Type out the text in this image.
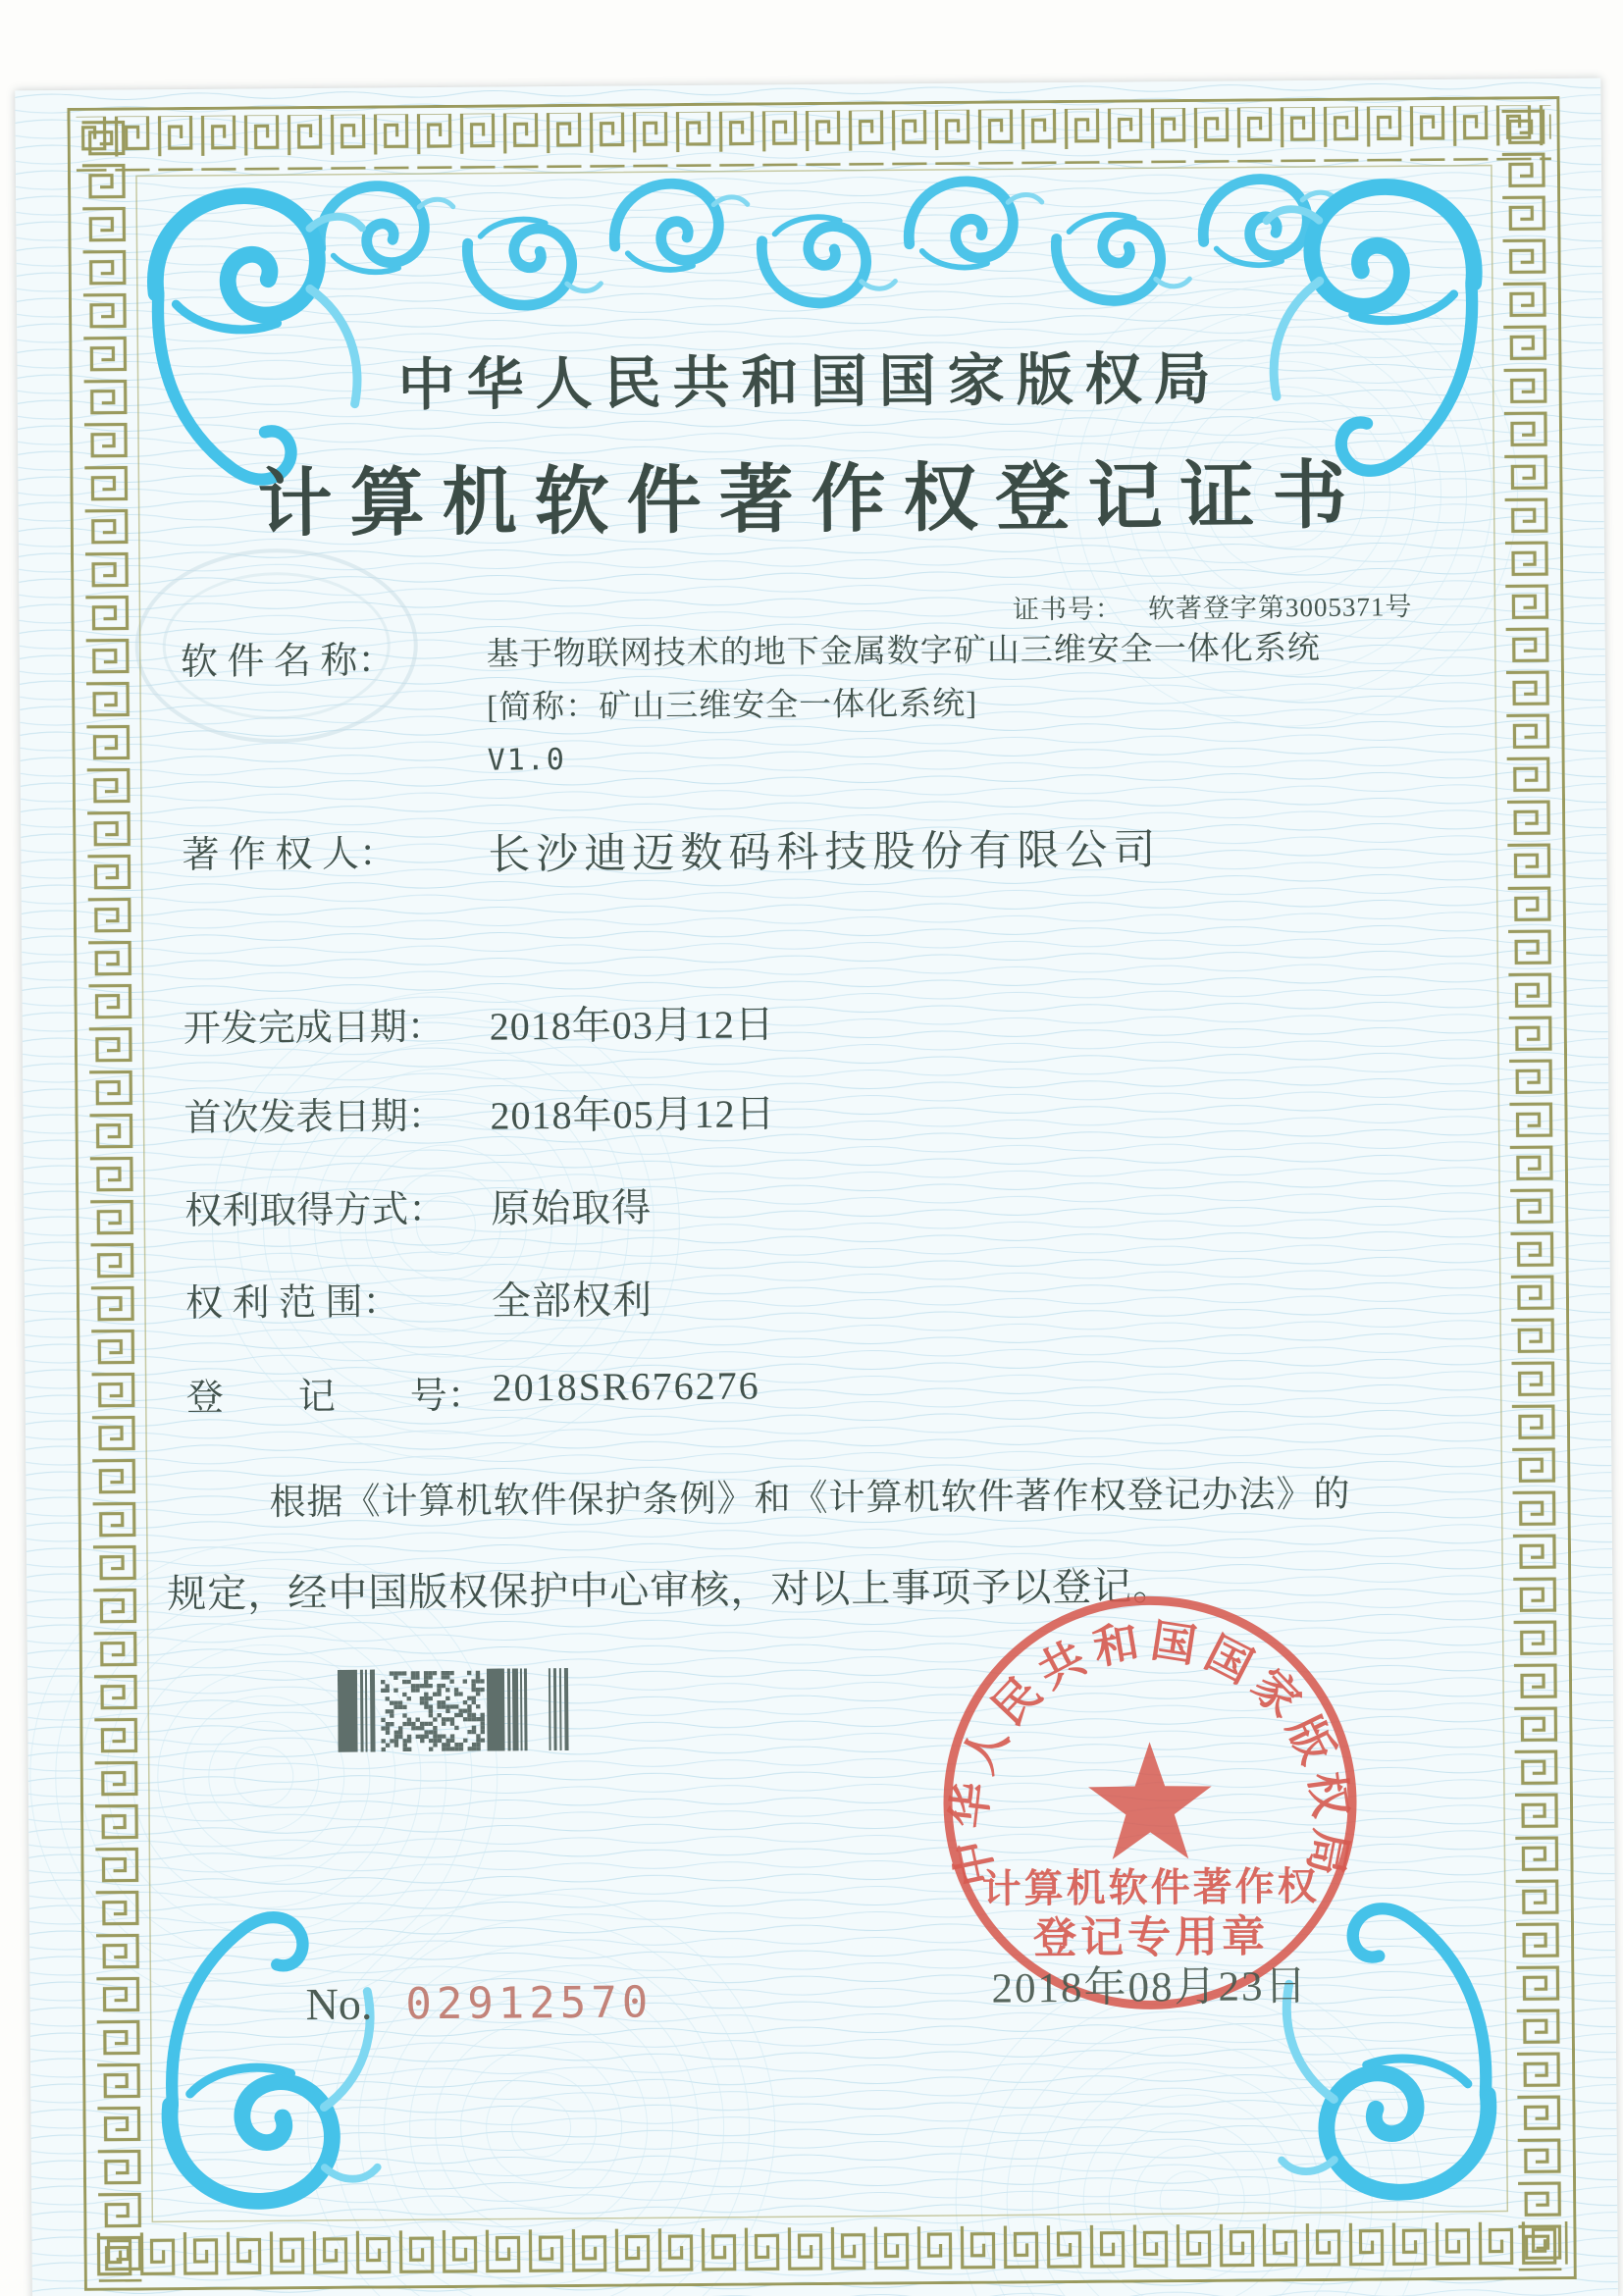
中华人民共和国国家版权局
计算机软件著作权登记证书

证书号： 软著登字第3005371号

软 件 名 称：	基于物联网技术的地下金属数字矿山三维安全一体化系统
[简称：矿山三维安全一体化系统]
V1.0
著 作 权 人：	长沙迪迈数码科技股份有限公司
开发完成日期：	2018年03月12日
首次发表日期：	2018年05月12日
权利取得方式：	原始取得
权 利 范 围：	全部权利
登　　记　　号： 2018SR676276
根据《计算机软件保护条例》和《计算机软件著作权登记办法》的
规定，经中国版权保护中心审核，对以上事项予以登记。
中华人民共和国国家版权局
计算机软件著作权
登记专用章
2018年08月23日
No. 02912570
